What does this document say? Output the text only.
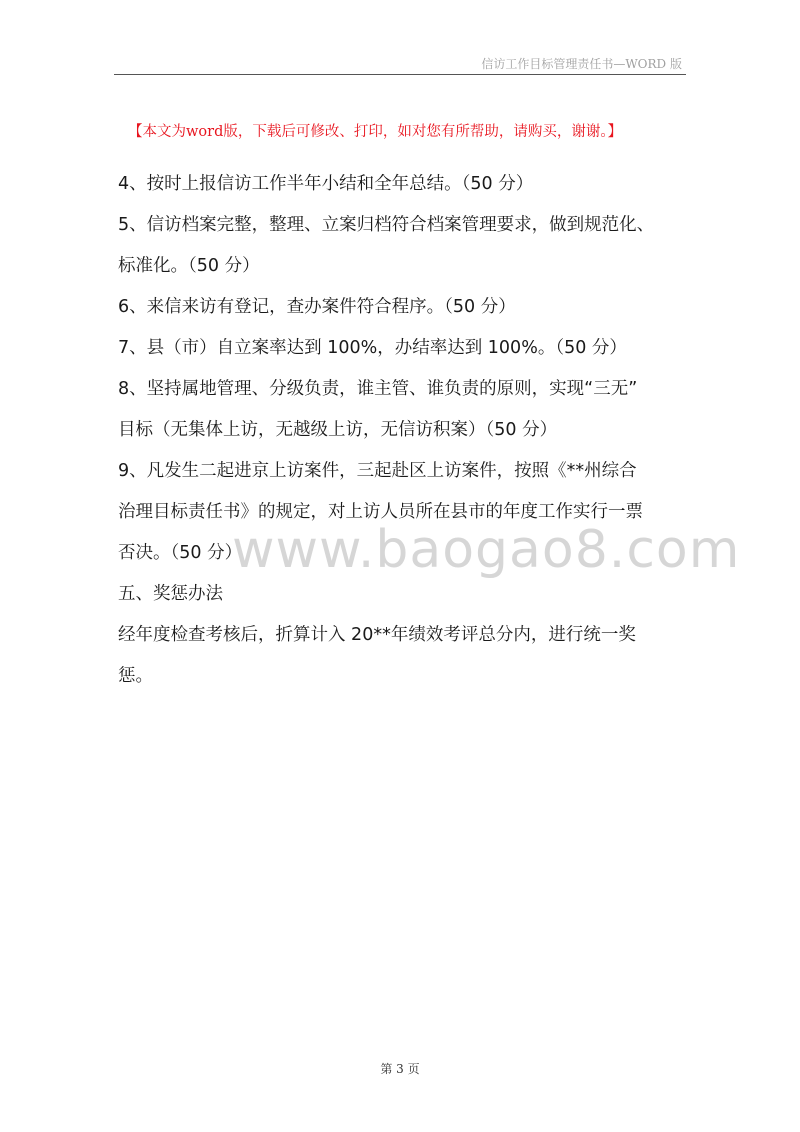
信访工作目标管理责任书—WORD 版
【本文为word版，下载后可修改、打印，如对您有所帮助，请购买，谢谢。】
4、按时上报信访工作半年小结和全年总结。（50 分）
5、信访档案完整，整理、立案归档符合档案管理要求，做到规范化、
标准化。（50 分）
6、来信来访有登记，查办案件符合程序。（50 分）
7、县（市）自立案率达到 100%，办结率达到 100%。（50 分）
8、坚持属地管理、分级负责，谁主管、谁负责的原则，实现“三无”
目标（无集体上访，无越级上访，无信访积案）（50 分）
9、凡发生二起进京上访案件，三起赴区上访案件，按照《**州综合
治理目标责任书》的规定，对上访人员所在县市的年度工作实行一票
否决。（50 分）
五、奖惩办法
经年度检查考核后，折算计入 20**年绩效考评总分内，进行统一奖
惩。
www.baogao8.com
第 3 页
